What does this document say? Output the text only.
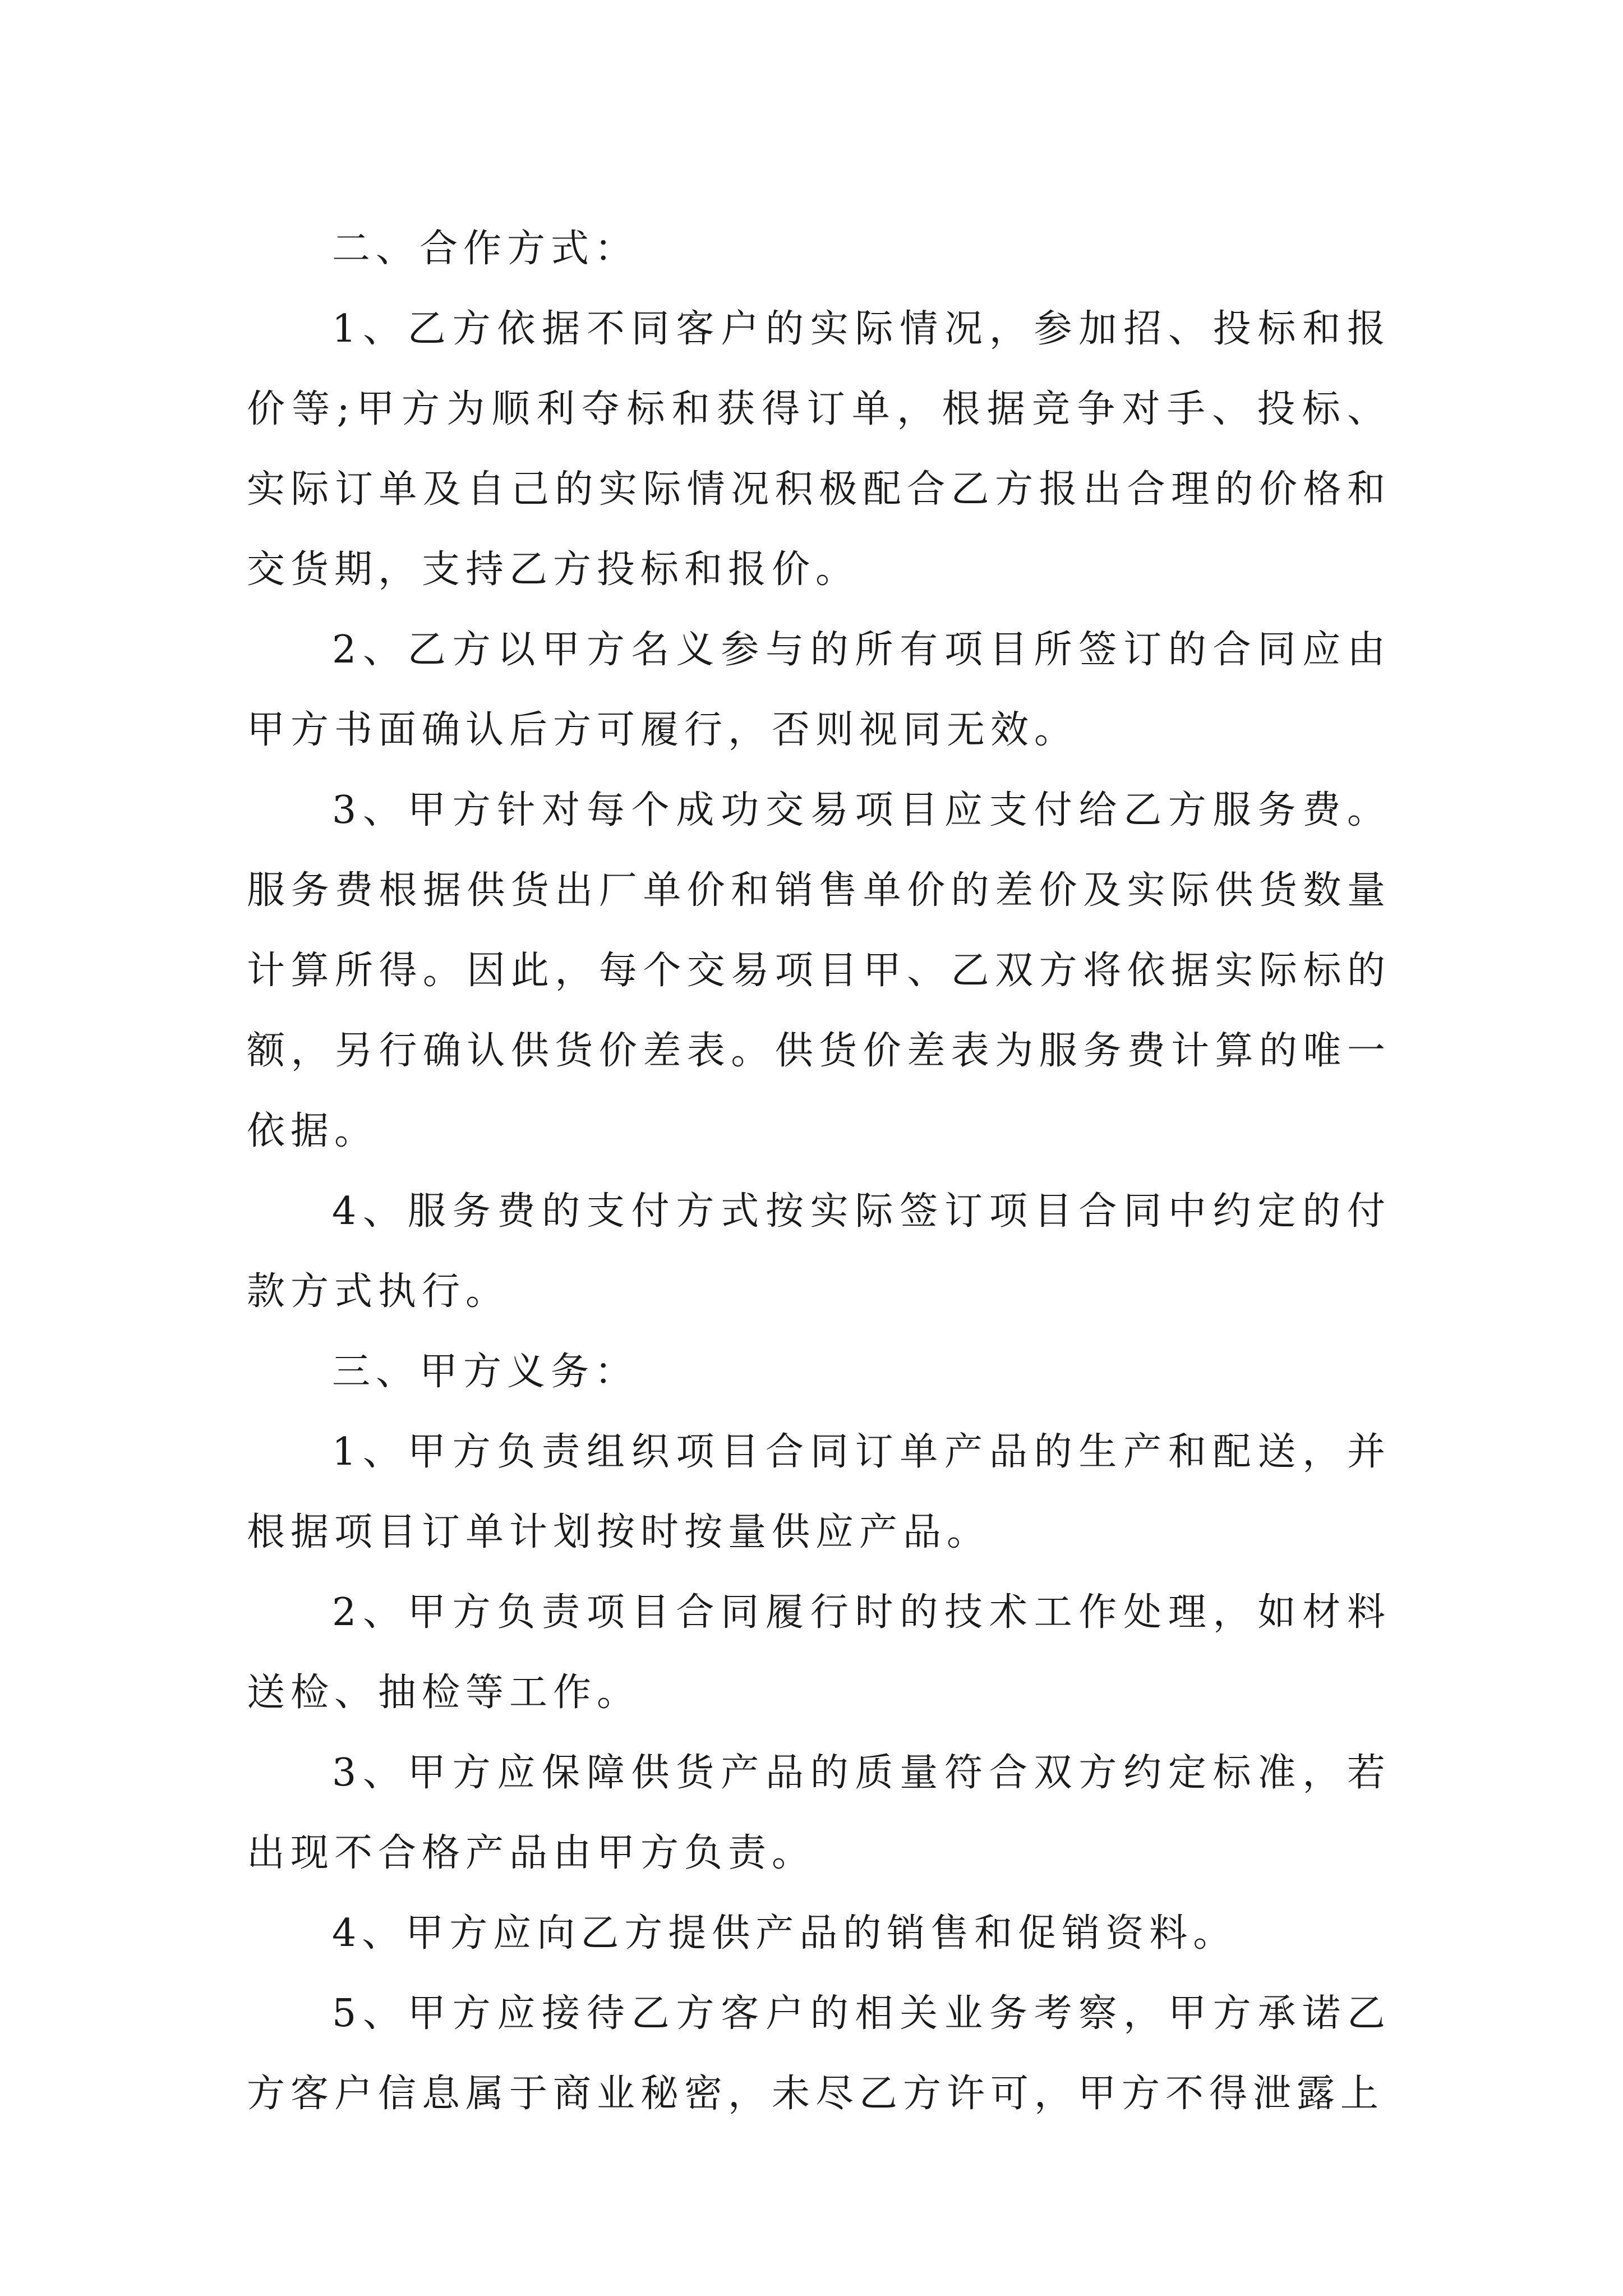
二、合作方式：

1、乙方依据不同客户的实际情况，参加招、投标和报价等;甲方为顺利夺标和获得订单，根据竞争对手、投标、实际订单及自己的实际情况积极配合乙方报出合理的价格和交货期，支持乙方投标和报价。

2、乙方以甲方名义参与的所有项目所签订的合同应由甲方书面确认后方可履行，否则视同无效。

3、甲方针对每个成功交易项目应支付给乙方服务费。服务费根据供货出厂单价和销售单价的差价及实际供货数量计算所得。因此，每个交易项目甲、乙双方将依据实际标的额，另行确认供货价差表。供货价差表为服务费计算的唯一依据。

4、服务费的支付方式按实际签订项目合同中约定的付款方式执行。

三、甲方义务：

1、甲方负责组织项目合同订单产品的生产和配送，并根据项目订单计划按时按量供应产品。

2、甲方负责项目合同履行时的技术工作处理，如材料送检、抽检等工作。

3、甲方应保障供货产品的质量符合双方约定标准，若出现不合格产品由甲方负责。

4、甲方应向乙方提供产品的销售和促销资料。

5、甲方应接待乙方客户的相关业务考察，甲方承诺乙方客户信息属于商业秘密，未尽乙方许可，甲方不得泄露上
